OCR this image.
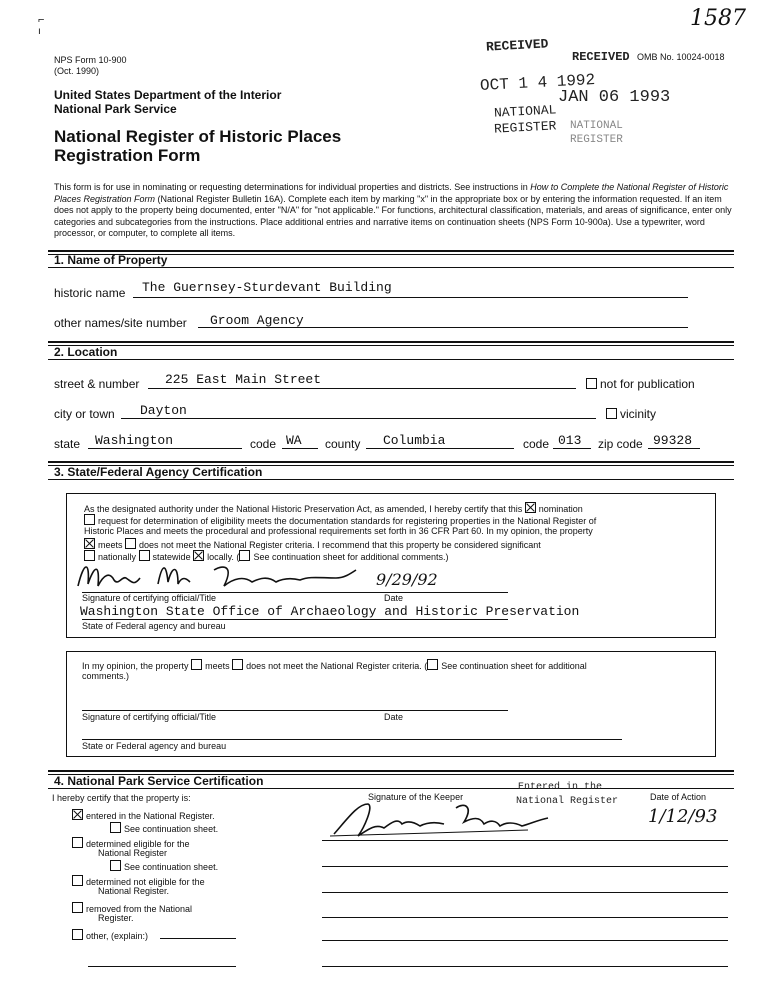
⌐
ı
1587
NPS Form 10-900
(Oct. 1990)
OMB No. 10024-0018
United States Department of the Interior
National Park Service
National Register of Historic Places
Registration Form
RECEIVED
RECEIVED
OCT 1 4 1992
JAN 06 1993
NATIONAL
REGISTER NATIONAL
REGISTER
This form is for use in nominating or requesting determinations for individual properties and districts. See instructions in How to Complete the National Register of Historic Places Registration Form (National Register Bulletin 16A). Complete each item by marking "x" in the appropriate box or by entering the information requested. If an item does not apply to the property being documented, enter "N/A" for "not applicable." For functions, architectural classification, materials, and areas of significance, enter only categories and subcategories from the instructions. Place additional entries and narrative items on continuation sheets (NPS Form 10-900a). Use a typewriter, word processor, or computer, to complete all items.
1. Name of Property
historic name The Guernsey-Sturdevant Building
other names/site number Groom Agency
2. Location
street & number 225 East Main Street	not for publication
city or town Dayton	vicinity
state Washington	code WA county Columbia	code 013 zip code 99328
3. State/Federal Agency Certification
As the designated authority under the National Historic Preservation Act, as amended, I hereby certify that this nomination
request for determination of eligibility meets the documentation standards for registering properties in the National Register of
Historic Places and meets the procedural and professional requirements set forth in 36 CFR Part 60. In my opinion, the property
meets does not meet the National Register criteria. I recommend that this property be considered significant
nationally statewide locally. ( See continuation sheet for additional comments.)
9/29/92
Signature of certifying official/Title	Date
Washington State Office of Archaeology and Historic Preservation
State of Federal agency and bureau
In my opinion, the property meets does not meet the National Register criteria. ( See continuation sheet for additional
comments.)
Signature of certifying official/Title	Date
State or Federal agency and bureau
4. National Park Service Certification
I hereby certify that the property is:
entered in the National Register.
See continuation sheet.
determined eligible for the
National Register
See continuation sheet.
determined not eligible for the
National Register.
removed from the National
Register.
other, (explain:)
Signature of the Keeper	Date of Action
Entered in the
National Register
1/12/93
